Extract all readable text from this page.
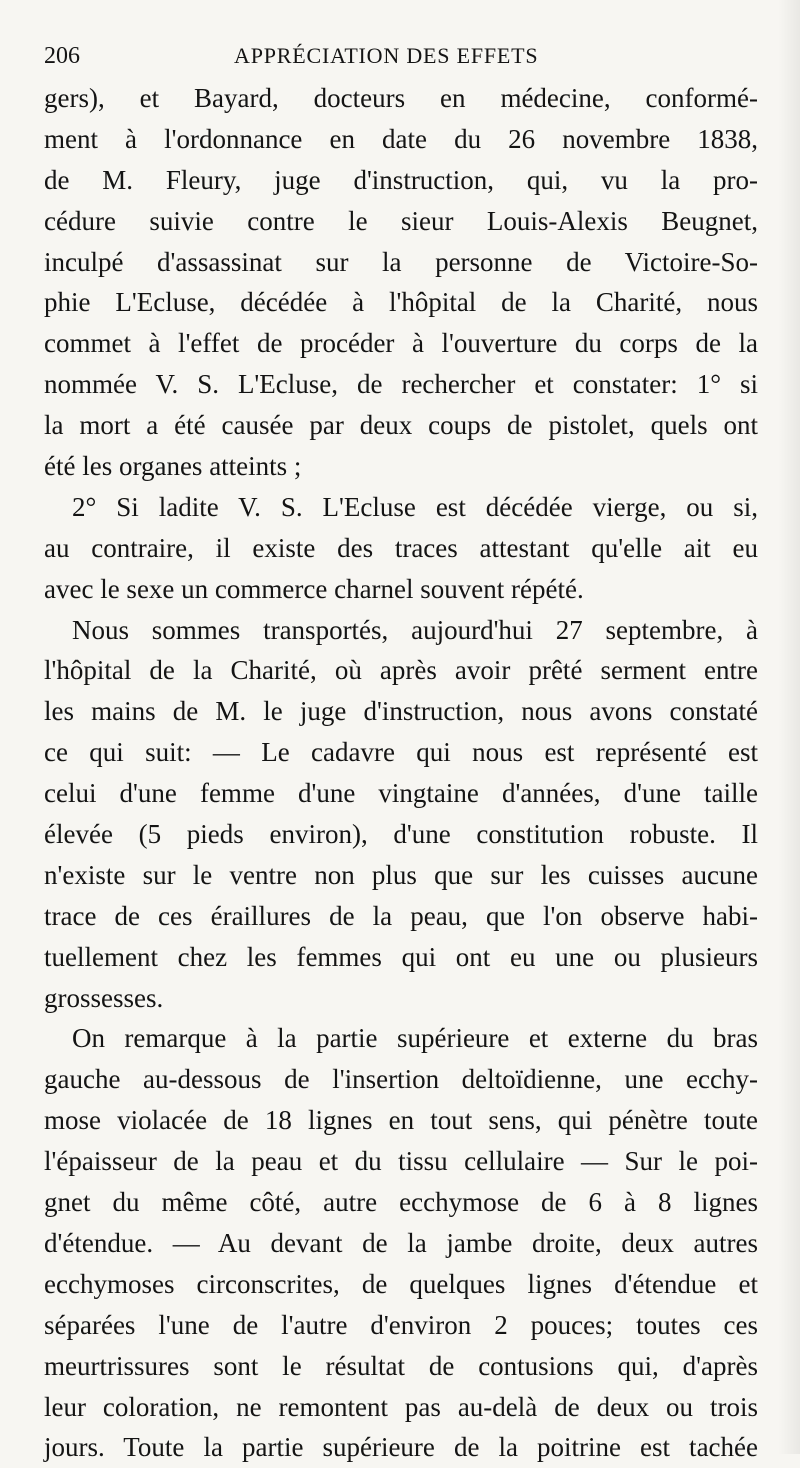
206	APPRÉCIATION DES EFFETS
gers), et Bayard, docteurs en médecine, conformé-
ment à l'ordonnance en date du 26 novembre 1838,
de M. Fleury, juge d'instruction, qui, vu la pro-
cédure suivie contre le sieur Louis-Alexis Beugnet,
inculpé d'assassinat sur la personne de Victoire-So-
phie L'Ecluse, décédée à l'hôpital de la Charité, nous
commet à l'effet de procéder à l'ouverture du corps de la
nommée V. S. L'Ecluse, de rechercher et constater: 1° si
la mort a été causée par deux coups de pistolet, quels ont
été les organes atteints ;
2° Si ladite V. S. L'Ecluse est décédée vierge, ou si,
au contraire, il existe des traces attestant qu'elle ait eu
avec le sexe un commerce charnel souvent répété.
Nous sommes transportés, aujourd'hui 27 septembre, à
l'hôpital de la Charité, où après avoir prêté serment entre
les mains de M. le juge d'instruction, nous avons constaté
ce qui suit: — Le cadavre qui nous est représenté est
celui d'une femme d'une vingtaine d'années, d'une taille
élevée (5 pieds environ), d'une constitution robuste. Il
n'existe sur le ventre non plus que sur les cuisses aucune
trace de ces éraillures de la peau, que l'on observe habi-
tuellement chez les femmes qui ont eu une ou plusieurs
grossesses.
On remarque à la partie supérieure et externe du bras
gauche au-dessous de l'insertion deltoïdienne, une ecchy-
mose violacée de 18 lignes en tout sens, qui pénètre toute
l'épaisseur de la peau et du tissu cellulaire — Sur le poi-
gnet du même côté, autre ecchymose de 6 à 8 lignes
d'étendue. — Au devant de la jambe droite, deux autres
ecchymoses circonscrites, de quelques lignes d'étendue et
séparées l'une de l'autre d'environ 2 pouces; toutes ces
meurtrissures sont le résultat de contusions qui, d'après
leur coloration, ne remontent pas au-delà de deux ou trois
jours. Toute la partie supérieure de la poitrine est tachée
